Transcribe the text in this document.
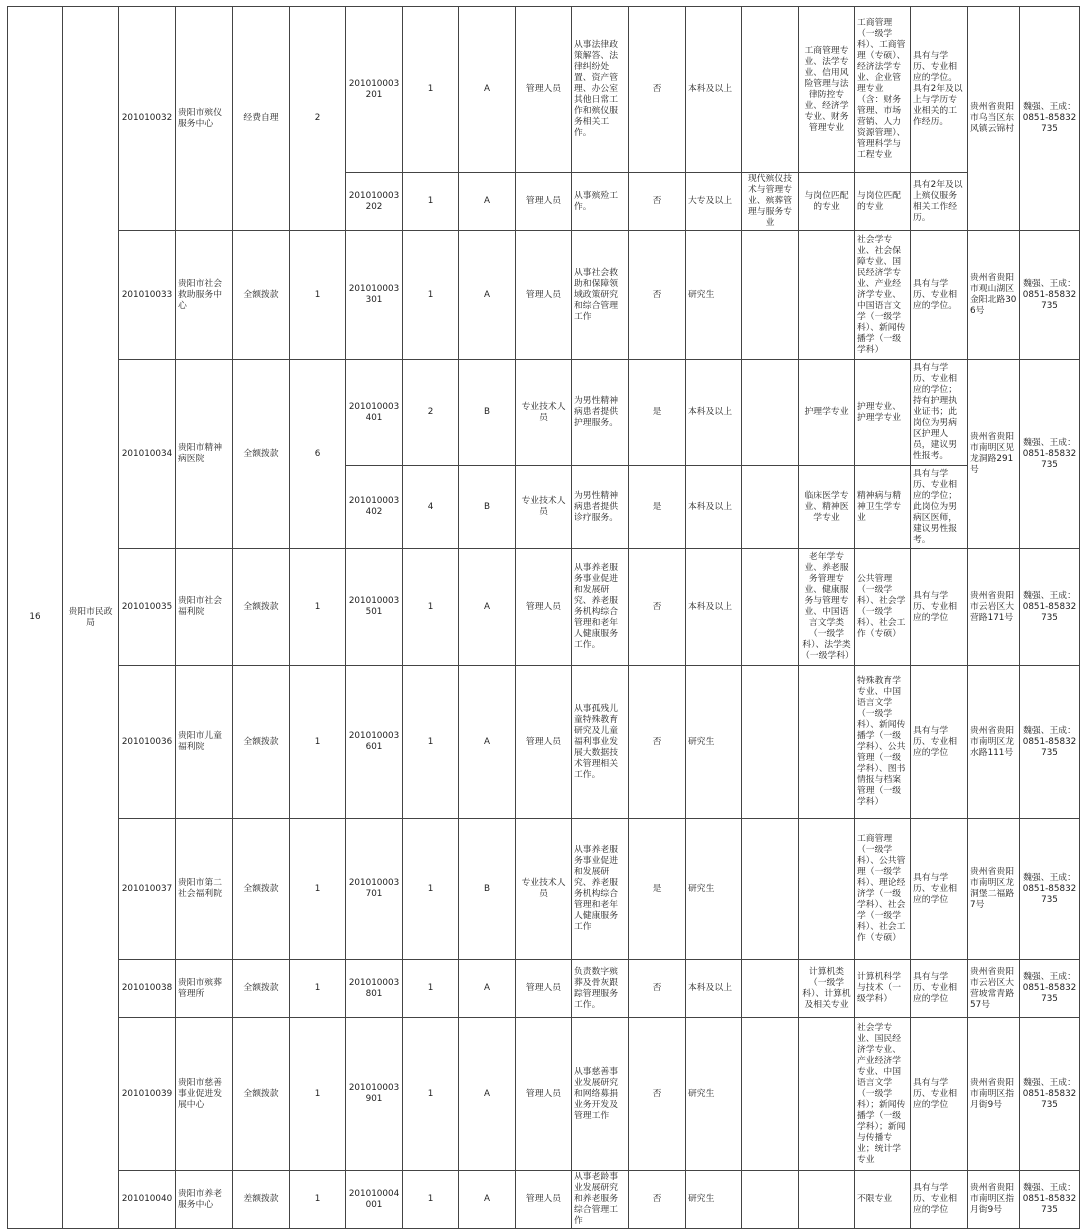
16	贵阳市民政局	201010032	贵阳市殡仪服务中心	经费自理	2	201010003201	1	A	管理人员	从事法律政策解答、法律纠纷处置、资产管理、办公室其他日常工作和殡仪服务相关工作。	否	本科及以上		工商管理专业、法学专业、信用风险管理与法律防控专业、经济学专业、财务管理专业	工商管理（一级学科）、工商管理（专硕）、经济法学专业、企业管理专业（含：财务管理、市场营销、人力资源管理）、管理科学与工程专业	具有与学历、专业相应的学位。具有2年及以上与学历专业相关的工作经历。	贵州省贵阳市乌当区东风镇云锦村	魏强、王成：0851-85832735
						201010003202	1	A	管理人员	从事殡殓工作。	否	大专及以上	现代殡仪技术与管理专业、殡葬管理与服务专业	与岗位匹配的专业	与岗位匹配的专业	具有2年及以上殡仪服务相关工作经历。		
		201010033	贵阳市社会救助服务中心	全额拨款	1	201010003301	1	A	管理人员	从事社会救助和保障领域政策研究和综合管理工作	否	研究生			社会学专业、社会保障专业、国民经济学专业、产业经济学专业、中国语言文学（一级学科）、新闻传播学（一级学科）	具有与学历、专业相应的学位。	贵州省贵阳市观山湖区金阳北路306号	魏强、王成：0851-85832735
		201010034	贵阳市精神病医院	全额拨款	6	201010003401	2	B	专业技术人员	为男性精神病患者提供护理服务。	是	本科及以上		护理学专业	护理专业、护理学专业	具有与学历、专业相应的学位；持有护理执业证书；此岗位为男病区护理人员，建议男性报考。	贵州省贵阳市南明区见龙洞路291号	魏强、王成：0851-85832735
						201010003402	4	B	专业技术人员	为男性精神病患者提供诊疗服务。	是	本科及以上		临床医学专业、精神医学专业	精神病与精神卫生学专业	具有与学历、专业相应的学位；此岗位为男病区医师，建议男性报考。		
		201010035	贵阳市社会福利院	全额拨款	1	201010003501	1	A	管理人员	从事养老服务事业促进和发展研究、养老服务机构综合管理和老年人健康服务工作。	否	本科及以上		老年学专业、养老服务管理专业、健康服务与管理专业、中国语言文学类（一级学科）、法学类（一级学科）	公共管理（一级学科）、社会学（一级学科）、社会工作（专硕）	具有与学历、专业相应的学位	贵州省贵阳市云岩区大营路171号	魏强、王成：0851-85832735
		201010036	贵阳市儿童福利院	全额拨款	1	201010003601	1	A	管理人员	从事孤残儿童特殊教育研究及儿童福利事业发展大数据技术管理相关工作。	否	研究生			特殊教育学专业、中国语言文学（一级学科）、新闻传播学（一级学科）、公共管理（一级学科）、图书情报与档案管理（一级学科）	具有与学历、专业相应的学位	贵州省贵阳市南明区龙水路111号	魏强、王成：0851-85832735
		201010037	贵阳市第二社会福利院	全额拨款	1	201010003701	1	B	专业技术人员	从事养老服务事业促进和发展研究、养老服务机构综合管理和老年人健康服务工作	是	研究生			工商管理（一级学科）、公共管理（一级学科）、理论经济学（一级学科）、社会学（一级学科）、社会工作（专硕）	具有与学历、专业相应的学位	贵州省贵阳市南明区龙洞堡二福路7号	魏强、王成：0851-85832735
		201010038	贵阳市殡葬管理所	全额拨款	1	201010003801	1	A	管理人员	负责数字殡葬及骨灰跟踪管理服务工作。	否	本科及以上		计算机类（一级学科）、计算机及相关专业	计算机科学与技术（一级学科）	具有与学历、专业相应的学位	贵州省贵阳市云岩区大营坡常青路57号	魏强、王成：0851-85832735
		201010039	贵阳市慈善事业促进发展中心	全额拨款	1	201010003901	1	A	管理人员	从事慈善事业发展研究和网络募捐业务开发及管理工作	否	研究生			社会学专业、国民经济学专业、产业经济学专业、中国语言文学（一级学科）；新闻传播学（一级学科）；新闻与传播专业；统计学专业	具有与学历、专业相应的学位	贵州省贵阳市南明区指月街9号	魏强、王成：0851-85832735
		201010040	贵阳市养老服务中心	差额拨款	1	201010004001	1	A	管理人员	从事老龄事业发展研究和养老服务综合管理工作	否	研究生			不限专业	具有与学历、专业相应的学位	贵州省贵阳市南明区指月街9号	魏强、王成：0851-85832735
